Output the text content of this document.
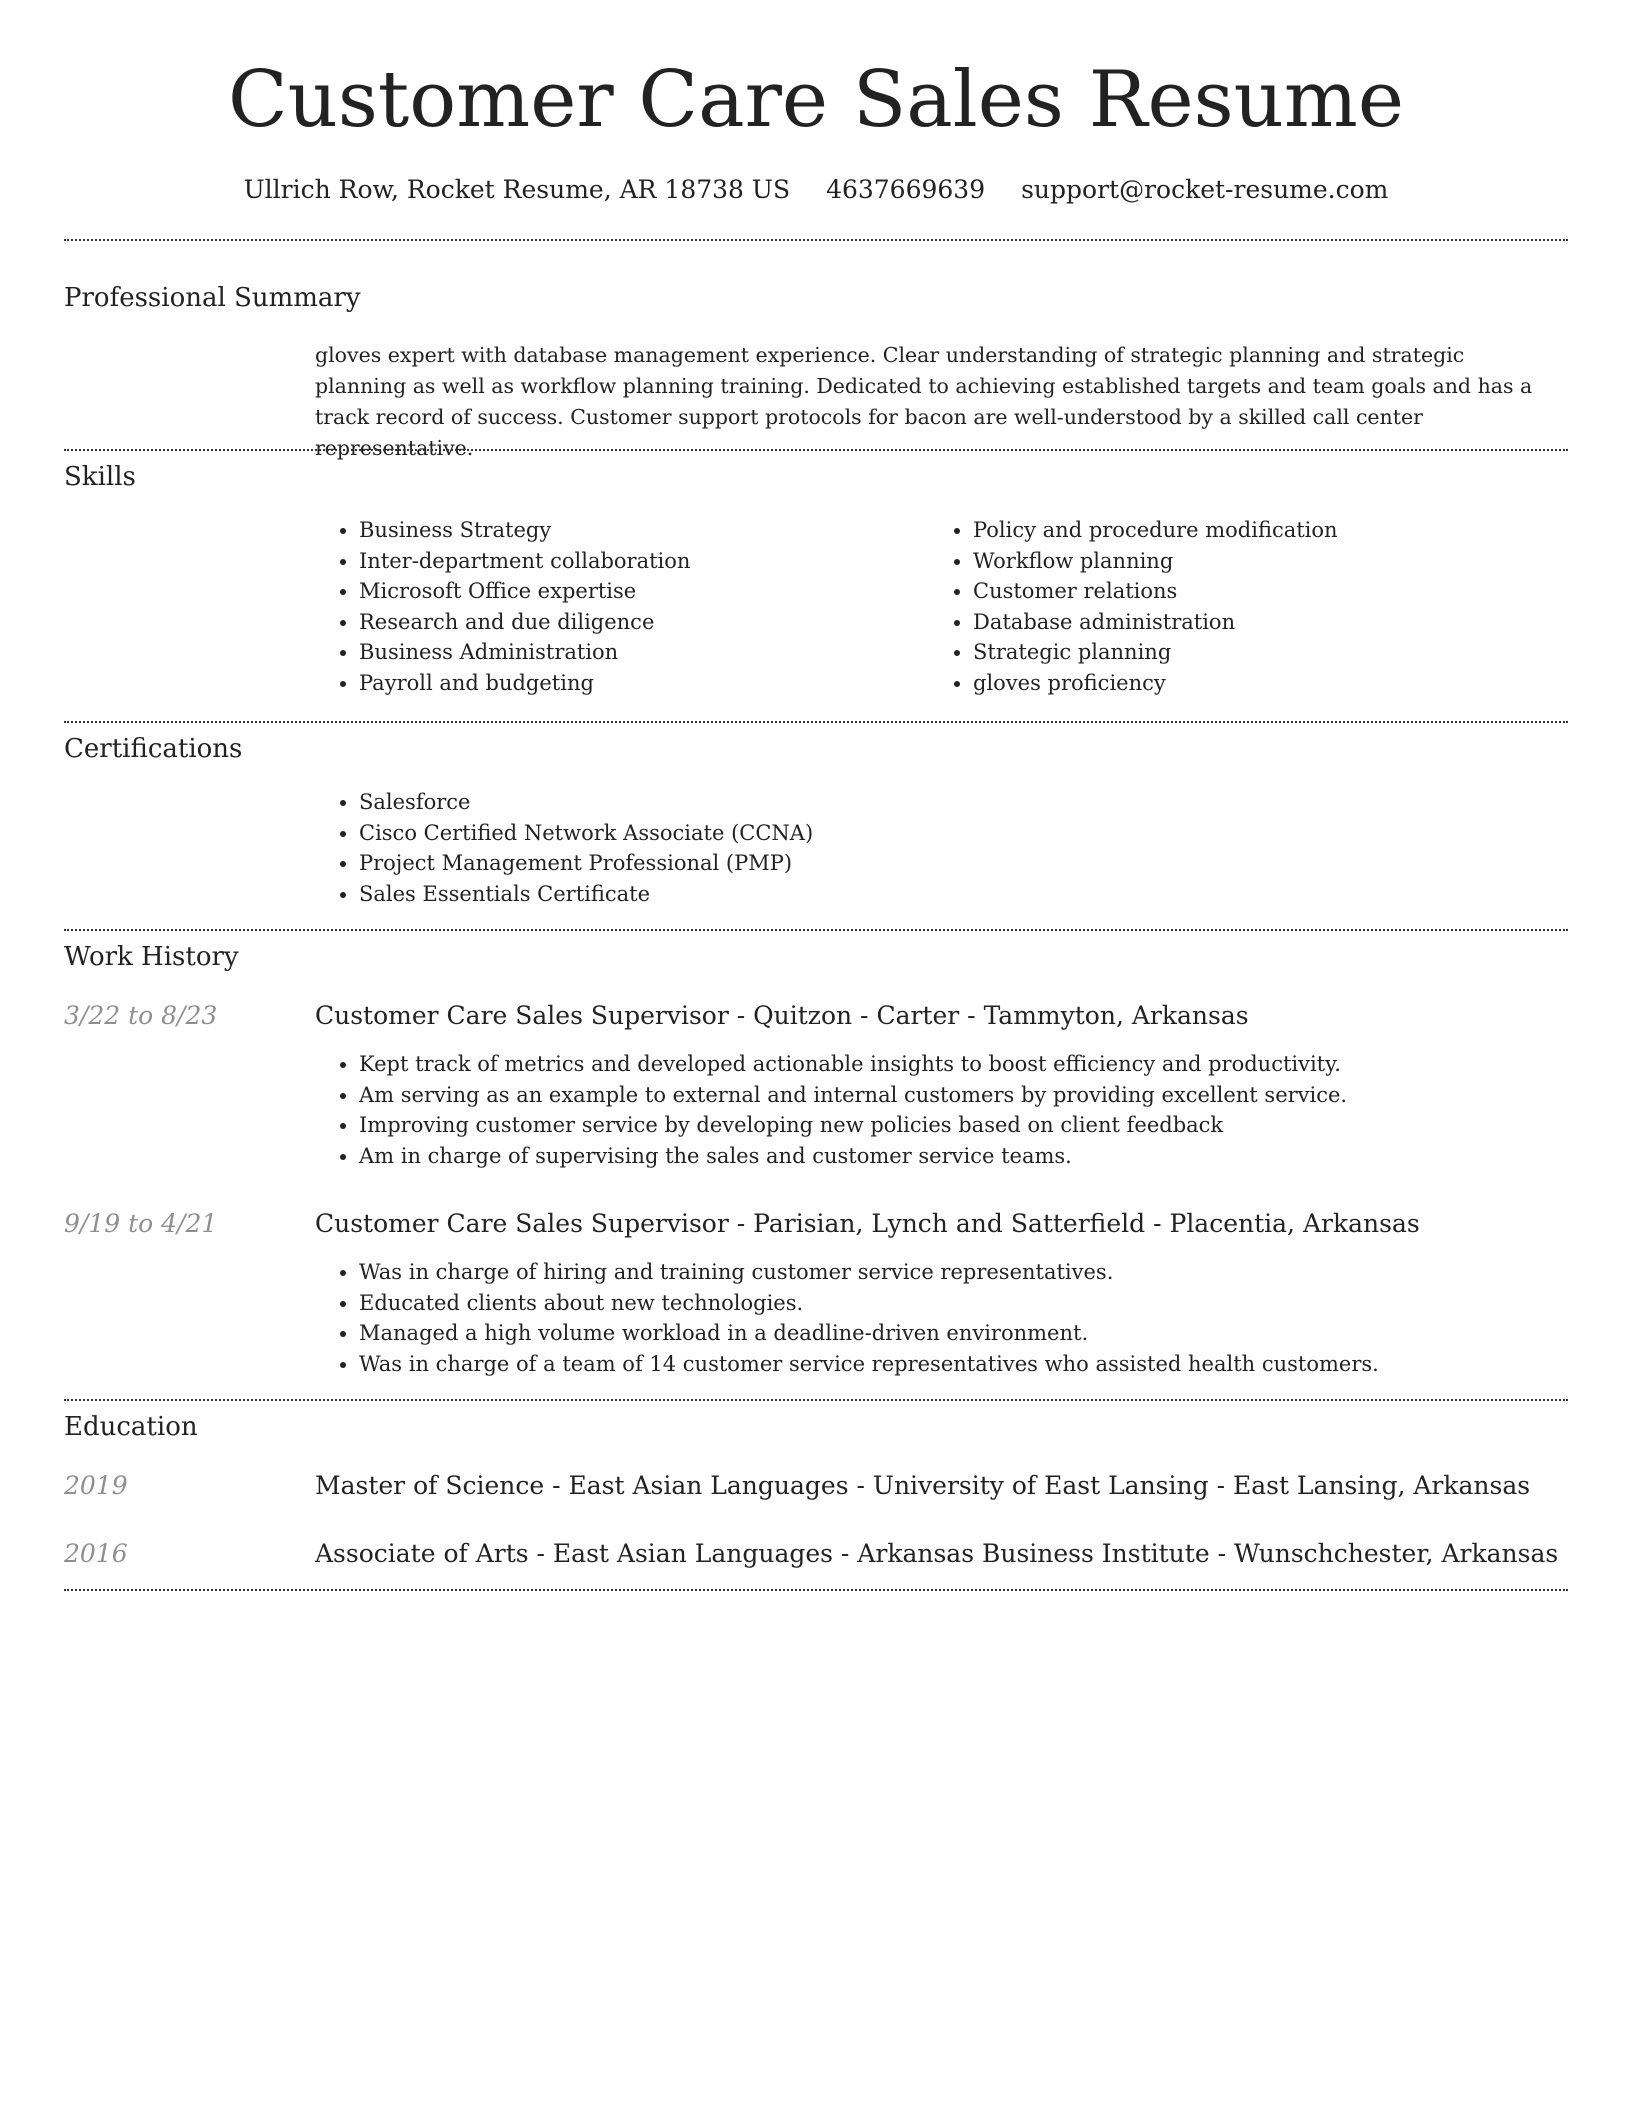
Customer Care Sales Resume
Ullrich Row, Rocket Resume, AR 18738 US 4637669639 support@rocket-resume.com
Professional Summary

gloves expert with database management experience. Clear understanding of strategic planning and strategic planning as well as workflow planning training. Dedicated to achieving established targets and team goals and has a track record of success. Customer support protocols for bacon are well-understood by a skilled call center representative.

Skills
• Business Strategy
• Inter-department collaboration
• Microsoft Office expertise
• Research and due diligence
• Business Administration
• Payroll and budgeting
• Policy and procedure modification
• Workflow planning
• Customer relations
• Database administration
• Strategic planning
• gloves proficiency
Certifications
• Salesforce
• Cisco Certified Network Associate (CCNA)
• Project Management Professional (PMP)
• Sales Essentials Certificate
Work History
3/22 to 8/23	Customer Care Sales Supervisor - Quitzon - Carter - Tammyton, Arkansas
• Kept track of metrics and developed actionable insights to boost efficiency and productivity.
• Am serving as an example to external and internal customers by providing excellent service.
• Improving customer service by developing new policies based on client feedback
• Am in charge of supervising the sales and customer service teams.
9/19 to 4/21	Customer Care Sales Supervisor - Parisian, Lynch and Satterfield - Placentia, Arkansas
• Was in charge of hiring and training customer service representatives.
• Educated clients about new technologies.
• Managed a high volume workload in a deadline-driven environment.
• Was in charge of a team of 14 customer service representatives who assisted health customers.
Education
2019	Master of Science - East Asian Languages - University of East Lansing - East Lansing, Arkansas
2016	Associate of Arts - East Asian Languages - Arkansas Business Institute - Wunschchester, Arkansas
